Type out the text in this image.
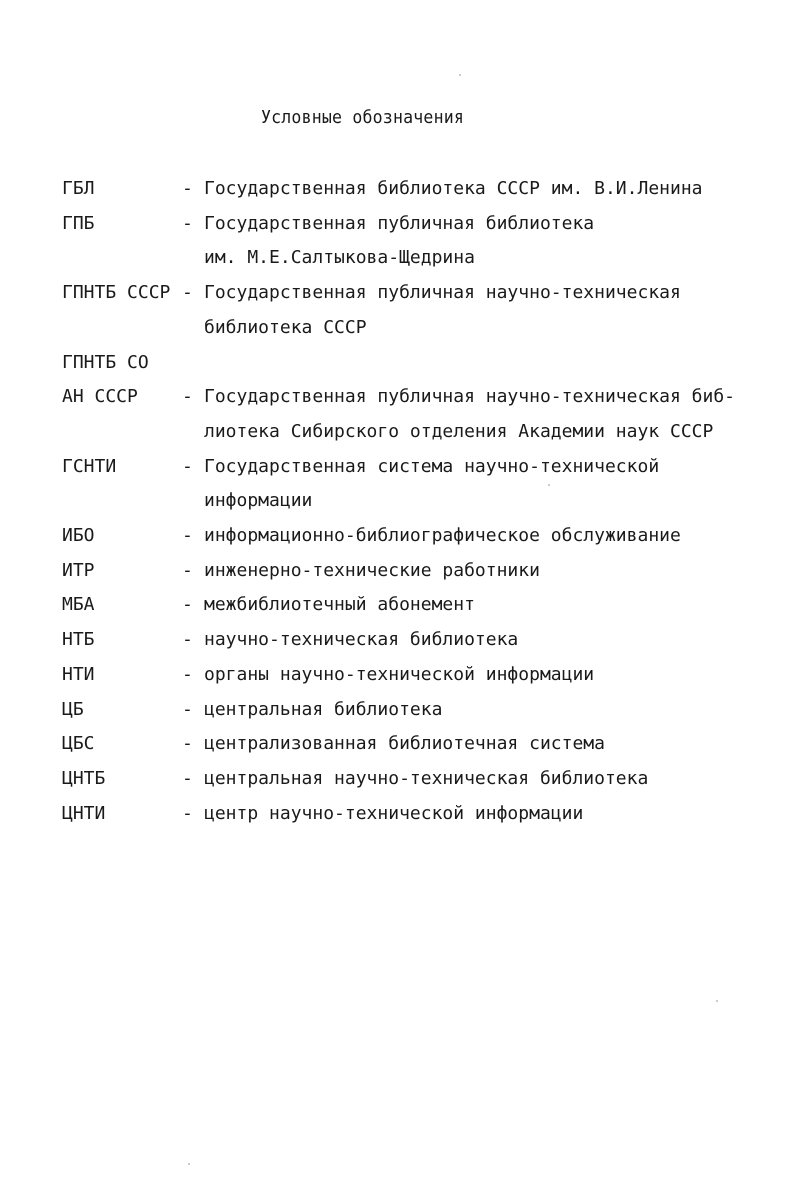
Условные обозначения
ГБЛ	- Государственная библиотека СССР им. В.И.Ленина
ГПБ	- Государственная публичная библиотека
им. М.Е.Салтыкова-Щедрина
ГПНТБ СССР - Государственная публичная научно-техническая
библиотека СССР
ГПНТБ СО
АН СССР - Государственная публичная научно-техническая биб-
лиотека Сибирского отделения Академии наук СССР
ГСНТИ	- Государственная система научно-технической
информации
ИБО	- информационно-библиографическое обслуживание
ИТР	- инженерно-технические работники
МБА	- межбиблиотечный абонемент
НТБ	- научно-техническая библиотека
НТИ	- органы научно-технической информации
ЦБ	- центральная библиотека
ЦБС	- централизованная библиотечная система
ЦНТБ	- центральная научно-техническая библиотека
ЦНТИ	- центр научно-технической информации
